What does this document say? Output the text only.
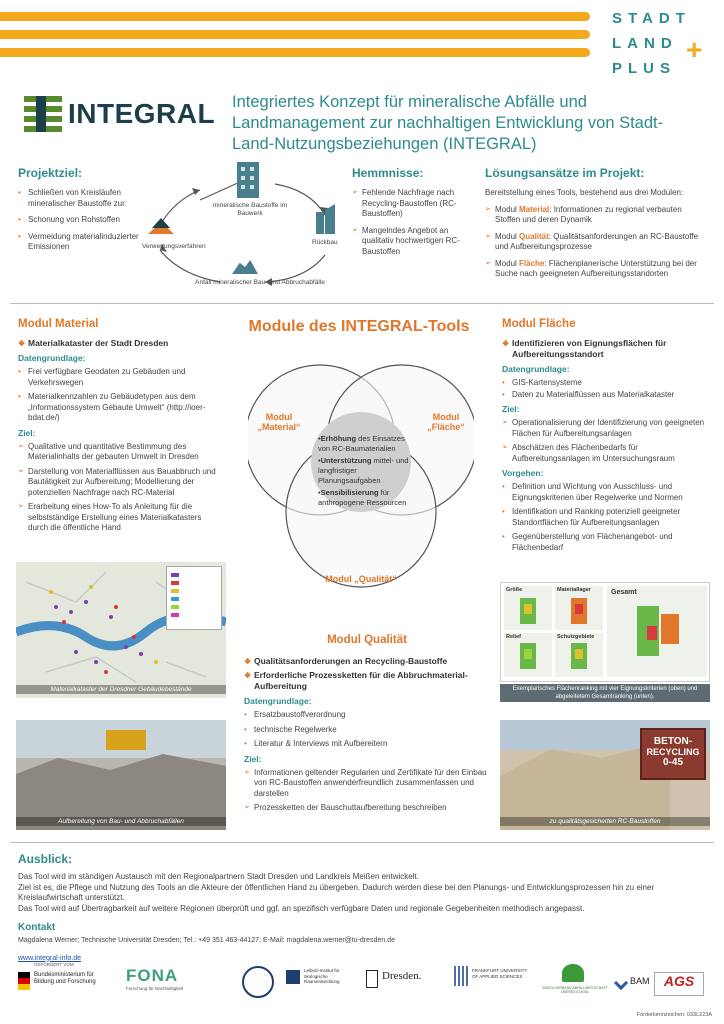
STADT
LAND
PLUS
+
INTEGRAL Integriertes Konzept für mineralische Abfälle und Landmanagement zur nachhaltigen Entwicklung von Stadt-Land-Nutzungsbeziehungen (INTEGRAL)
Projektziel:
• Schließen von Kreisläufen mineralischer Baustoffe zur:
• Schonung von Rohstoffen
• Vermeidung materialinduzierter Emissionen
mineralische Baustoffe im Bauwerk
Rückbau
Anfall mineralischer Bau- und Abbruchabfälle
Verwertungsverfahren
Hemmnisse:
➢ Fehlende Nachfrage nach Recycling-Baustoffen (RC-Baustoffen)
➢ Mangelndes Angebot an qualitativ hochwertigen RC-Baustoffen
Lösungsansätze im Projekt:
Bereitstellung eines Tools, bestehend aus drei Modulen:
➢ Modul Material: Informationen zu regional verbauten Stoffen und deren Dynamik
➢ Modul Qualität: Qualitätsanforderungen an RC-Baustoffe und Aufbereitungsprozesse
➢ Modul Fläche: Flächenplanerische Unterstützung bei der Suche nach geeigneten Aufbereitungsstandorten
Modul Material
❖ Materialkataster der Stadt Dresden
Datengrundlage:
• Frei verfügbare Geodaten zu Gebäuden und Verkehrswegen
• Materialkennzahlen zu Gebäudetypen aus dem „Informationssystem Gebaute Umwelt“ (http://ioer-bdat.de/)
Ziel:
➢ Qualitative und quantitative Bestimmung des Materialinhalts der gebauten Umwelt in Dresden
➢ Darstellung von Materialflüssen aus Bauabbruch und Bautätigkeit zur Aufbereitung; Modellierung der potenziellen Nachfrage nach RC-Material
➢ Erarbeitung eines How-To als Anleitung für die selbstständige Erstellung eines Materialkatasters durch die öffentliche Hand
Materialkataster der Dresdner Gebäudebestände
Aufbereitung von Bau- und Abbruchabfällen
Module des INTEGRAL-Tools
Modul „Material“
Modul „Fläche“
Modul „Qualität“
•Erhöhung des Einsatzes von RC-Baumaterialien
•Unterstützung mittel- und langfristiger Planungsaufgaben
•Sensibilisierung für anthropogene Ressourcen
Modul Qualität
❖ Qualitätsanforderungen an Recycling-Baustoffe
❖ Erforderliche Prozessketten für die Abbruchmaterial-Aufbereitung
Datengrundlage:
• Ersatzbaustoffverordnung
• technische Regelwerke
• Literatur & Interviews mit Aufbereitern
Ziel:
➢ Informationen geltender Regularien und Zertifikate für den Einbau von RC-Baustoffen anwenderfreundlich zusammenfassen und darstellen
➢ Prozessketten der Bauschuttaufbereitung beschreiben
Modul Fläche
❖ Identifizieren von Eignungsflächen für Aufbereitungsstandort
Datengrundlage:
• GIS-Kartensysteme
• Daten zu Materialflüssen aus Materialkataster
Ziel:
➢ Operationalisierung der Identifizierung von geeigneten Flächen für Aufbereitungsanlagen
➢ Abschätzen des Flächenbedarfs für Aufbereitungsanlagen im Untersuchungsraum
Vorgehen:
• Definition und Wichtung von Ausschluss- und Eignungskriterien über Regelwerke und Normen
• Identifikation und Ranking potenziell geeigneter Standortflächen für Aufbereitungsanlagen
• Gegenüberstellung von Flächenangebot- und Flächenbedarf
Größe	Materiallager
Relief	Schutzgebiete
Gesamt
Exemplarisches Flächenranking mit vier Eignungskriterien (oben) und abgeleitetem Gesamtranking (unten).
BETON-
RECYCLING
0-45
zu qualitätsgesicherten RC-Baustoffen
Ausblick:
Das Tool wird im ständigen Austausch mit den Regionalpartnern Stadt Dresden und Landkreis Meißen entwickelt.
Ziel ist es, die Pflege und Nutzung des Tools an die Akteure der öffentlichen Hand zu übergeben. Dadurch werden diese bei den Planungs- und Entwicklungsprozessen hin zu einer Kreislaufwirtschaft unterstützt.
Das Tool wird auf Übertragbarkeit auf weitere Regionen überprüft und ggf. an spezifisch verfügbare Daten und regionale Gegebenheiten methodisch angepasst.
Kontakt
Magdalena Werner; Technische Universität Dresden; Tel.: +49 351 463-44127; E-Mail: magdalena.werner@tu-dresden.de
www.integral-info.de
GEFÖRDERT VOM
Bundesministerium für Bildung und Forschung	FONA
Forschung für Nachhaltigkeit
Leibniz-Institut für ökologische Raumentwicklung	Dresden.	FRANKFURT UNIVERSITY OF APPLIED SCIENCES
ZWECKVERBAND ABFALLWIRTSCHAFT OBERES ELBTAL
BAM	AGS
Förderkennzeichen: 033L223A
